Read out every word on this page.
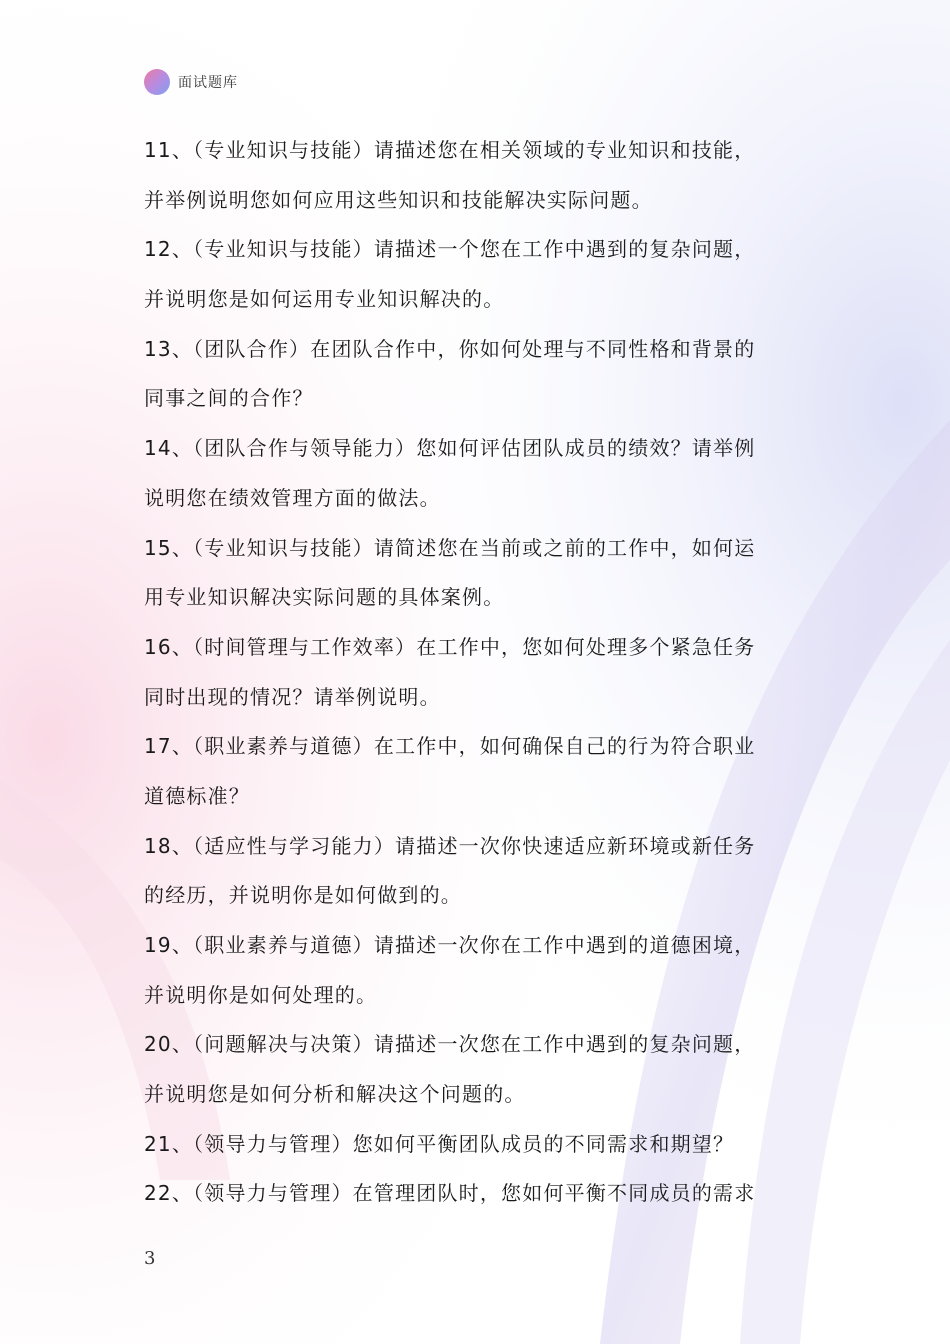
面试题库
11、（专业知识与技能）请描述您在相关领域的专业知识和技能，
并举例说明您如何应用这些知识和技能解决实际问题。
12、（专业知识与技能）请描述一个您在工作中遇到的复杂问题，
并说明您是如何运用专业知识解决的。
13、（团队合作）在团队合作中，你如何处理与不同性格和背景的
同事之间的合作？
14、（团队合作与领导能力）您如何评估团队成员的绩效？请举例
说明您在绩效管理方面的做法。
15、（专业知识与技能）请简述您在当前或之前的工作中，如何运
用专业知识解决实际问题的具体案例。
16、（时间管理与工作效率）在工作中，您如何处理多个紧急任务
同时出现的情况？请举例说明。
17、（职业素养与道德）在工作中，如何确保自己的行为符合职业
道德标准？
18、（适应性与学习能力）请描述一次你快速适应新环境或新任务
的经历，并说明你是如何做到的。
19、（职业素养与道德）请描述一次你在工作中遇到的道德困境，
并说明你是如何处理的。
20、（问题解决与决策）请描述一次您在工作中遇到的复杂问题，
并说明您是如何分析和解决这个问题的。
21、（领导力与管理）您如何平衡团队成员的不同需求和期望？
22、（领导力与管理）在管理团队时，您如何平衡不同成员的需求
3
